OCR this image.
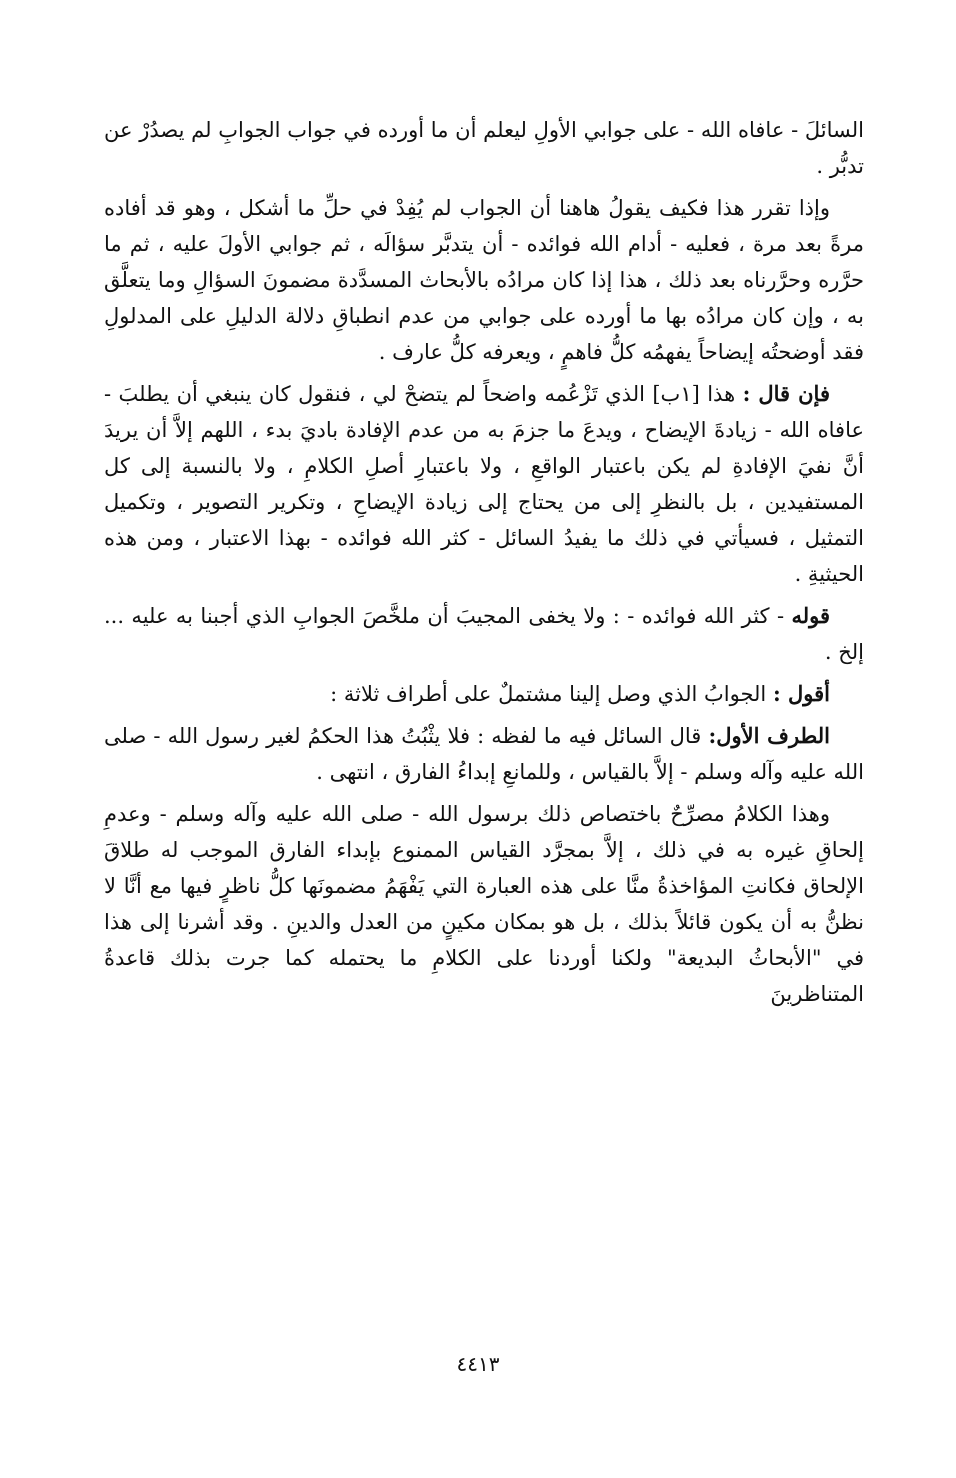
السائلَ - عافاه الله - على جوابي الأولِ ليعلم أن ما أورده في جواب الجوابِ لم يصدُرْ عن تدبُّر .

وإذا تقرر هذا فكيف يقولُ هاهنا أن الجواب لم يُفِدْ في حلِّ ما أشكل ، وهو قد أفاده مرةً بعد مرة ، فعليه - أدام الله فوائده - أن يتدبَّر سؤالَه ، ثم جوابي الأولَ عليه ، ثم ما حرَّره وحرَّرناه بعد ذلك ، هذا إذا كان مرادُه بالأبحاث المسدَّدة مضمونَ السؤالِ وما يتعلَّق به ، وإن كان مرادُه بها ما أورده على جوابي من عدم انطباقِ دلالة الدليلِ على المدلولِ فقد أوضحتُه إيضاحاً يفهمُه كلُّ فاهمٍ ، ويعرفه كلُّ عارف .

فإن قال : هذا [١ب] الذي تَزْعُمه واضحاً لم يتضحْ لي ، فنقول كان ينبغي أن يطلبَ - عافاه الله - زيادةَ الإيضاح ، ويدعَ ما جزمَ به من عدم الإفادة باديَ بدء ، اللهم إلاَّ أن يريدَ أنَّ نفيَ الإفادةِ لم يكن باعتبار الواقعِ ، ولا باعتبارِ أصلِ الكلامِ ، ولا بالنسبة إلى كل المستفيدين ، بل بالنظرِ إلى من يحتاج إلى زيادة الإيضاحِ ، وتكرير التصوير ، وتكميل التمثيل ، فسيأتي في ذلك ما يفيدُ السائل - كثر الله فوائده - بهذا الاعتبار ، ومن هذه الحيثيةِ .

قوله - كثر الله فوائده - : ولا يخفى المجيبَ أن ملخَّصَ الجوابِ الذي أجبنا به عليه ... إلخ .

أقول : الجوابُ الذي وصل إلينا مشتملٌ على أطراف ثلاثة :

الطرف الأول: قال السائل فيه ما لفظه : فلا يثْبُتُ هذا الحكمُ لغير رسول الله - صلى الله عليه وآله وسلم - إلاَّ بالقياس ، وللمانعِ إبداءُ الفارق ، انتهى .

وهذا الكلامُ مصرِّحٌ باختصاص ذلك برسول الله - صلى الله عليه وآله وسلم - وعدمِ إلحاقِ غيره به في ذلك ، إلاَّ بمجرَّد القياس الممنوع بإبداء الفارق الموجب له طلاقَ الإلحاق فكانتِ المؤاخذةُ منَّا على هذه العبارة التي يَفْهَمُ مضمونَها كلُّ ناظرٍ فيها مع أنَّا لا نظنُّ به أن يكون قائلاً بذلك ، بل هو بمكان مكينٍ من العدل والدينِ . وقد أشرنا إلى هذا في "الأبحاثُ البديعة" ولكنا أوردنا على الكلامِ ما يحتمله كما جرت بذلك قاعدةُ المتناظرينَ

٤٤١٣
